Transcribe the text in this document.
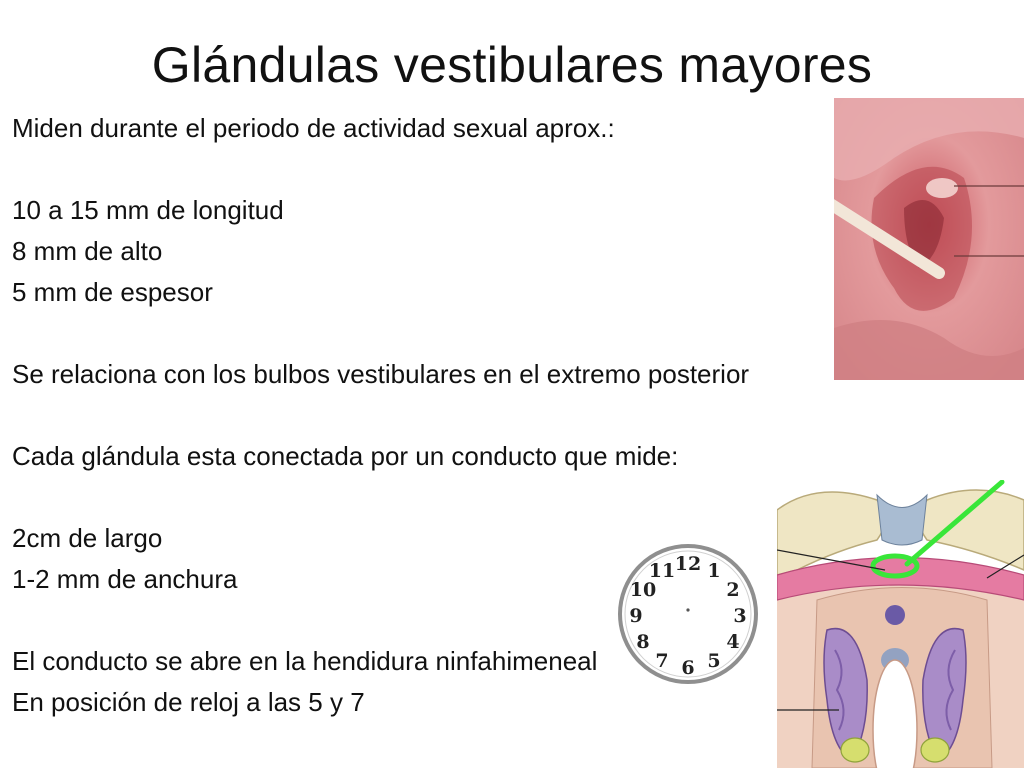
Glándulas vestibulares mayores

Miden durante el periodo de actividad sexual aprox.:

10 a 15 mm de longitud

8 mm de alto

5 mm de espesor

Se relaciona con los bulbos vestibulares en el extremo posterior

Cada glándula esta conectada por un conducto que mide:

2cm de largo

1-2 mm de anchura

El conducto se abre en la hendidura ninfahimeneal

En posición de reloj a las 5 y 7

12 1
2
3
4
5
6
7
8
9
10
11
